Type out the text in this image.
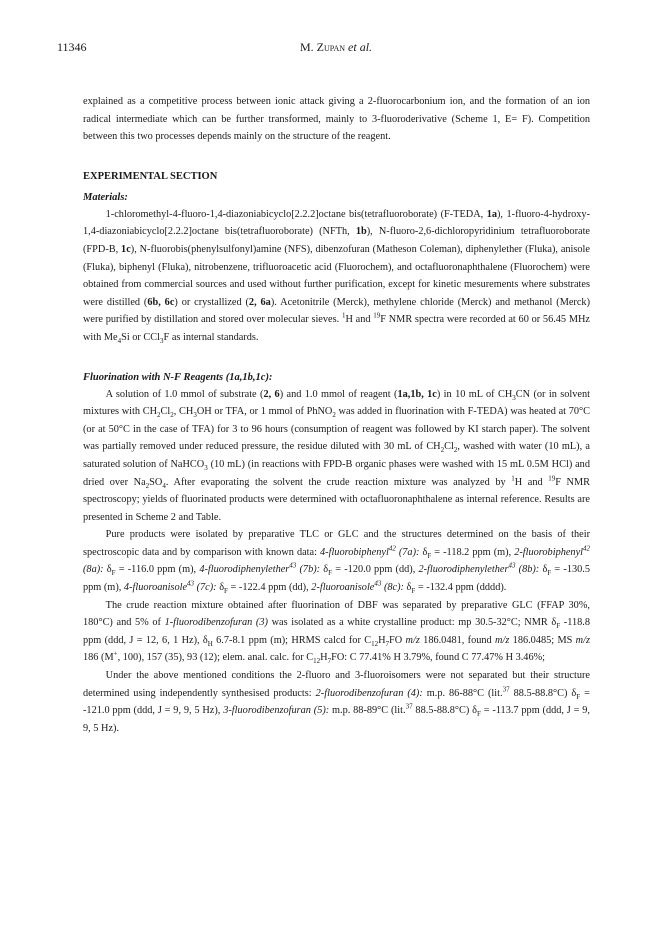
11346	M. Zupan et al.

explained as a competitive process between ionic attack giving a 2-fluorocarbonium ion, and the formation of an ion radical intermediate which can be further transformed, mainly to 3-fluoroderivative (Scheme 1, E= F). Competition between this two processes depends mainly on the structure of the reagent.

EXPERIMENTAL SECTION
Materials:

1-chloromethyl-4-fluoro-1,4-diazoniabicyclo[2.2.2]octane bis(tetrafluoroborate) (F-TEDA, 1a), 1-fluoro-4-hydroxy-1,4-diazoniabicyclo[2.2.2]octane bis(tetrafluoroborate) (NFTh, 1b), N-fluoro-2,6-dichloropyridinium tetrafluoroborate (FPD-B, 1c), N-fluorobis(phenylsulfonyl)amine (NFS), dibenzofuran (Matheson Coleman), diphenylether (Fluka), anisole (Fluka), biphenyl (Fluka), nitrobenzene, trifluoroacetic acid (Fluorochem), and octafluoronaphthalene (Fluorochem) were obtained from commercial sources and used without further purification, except for kinetic mesurements where substrates were distilled (6b, 6c) or crystallized (2, 6a). Acetonitrile (Merck), methylene chloride (Merck) and methanol (Merck) were purified by distillation and stored over molecular sieves. $^1$H and $^{19}$F NMR spectra were recorded at 60 or 56.45 MHz with $Me_4Si$ or CCl$_3$F as internal standards.

Fluorination with N-F Reagents (1a,1b,1c):

A solution of 1.0 mmol of substrate (2, 6) and 1.0 mmol of reagent (1a,1b, 1c) in 10 mL of $CH_3CN$ (or in solvent mixtures with $CH_2Cl_2$, $CH_3OH$ or TFA, or 1 mmol of PhNO$_2$ was added in fluorination with F-TEDA) was heated at 70°C (or at 50°C in the case of TFA) for 3 to 96 hours (consumption of reagent was followed by KI starch paper). The solvent was partially removed under reduced pressure, the residue diluted with 30 mL of $CH_2Cl_2$, washed with water (10 mL), a saturated solution of NaHCO$_3$ (10 mL) (in reactions with FPD-B organic phases were washed with 15 mL 0.5M HCl) and dried over $Na_2SO_4$. After evaporating the solvent the crude reaction mixture was analyzed by $^1$H and $^{19}$F NMR spectroscopy; yields of fluorinated products were determined with octafluoronaphthalene as internal reference. Results are presented in Scheme 2 and Table.

Pure products were isolated by preparative TLC or GLC and the structures determined on the basis of their spectroscopic data and by comparison with known data: 4-fluorobiphenyl$^{42}$ (7a): $\delta_F = -118.2$ ppm (m), 2-fluorobiphenyl$^{42}$ (8a): $\delta_F = -116.0$ ppm (m), 4-fluorodiphenylether$^{43}$ (7b): $\delta_F = -120.0$ ppm (dd), 2-fluorodiphenylether$^{43}$ (8b): $\delta_F = -130.5$ ppm (m), 4-fluoroanisole$^{43}$ (7c): $\delta_F = -122.4$ ppm (dd), 2-fluoroanisole$^{43}$ (8c): $\delta_F = -132.4$ ppm (dddd).

The crude reaction mixture obtained after fluorination of DBF was separated by preparative GLC (FFAP 30%, 180°C) and 5% of 1-fluorodibenzofuran (3) was isolated as a white crystalline product: mp 30.5-32°C; NMR $\delta_F$ -118.8 ppm (ddd, J = 12, 6, 1 Hz), $\delta_H$ 6.7-8.1 ppm (m); HRMS calcd for $C_{12}H_7FO$ m/z 186.0481, found m/z 186.0485; MS m/z 186 (M+, 100), 157 (35), 93 (12); elem. anal. calc. for $C_{12}H_7FO$: C 77.41% H 3.79%, found C 77.47% H 3.46%;

Under the above mentioned conditions the 2-fluoro and 3-fluoroisomers were not separated but their structure determined using independently synthesised products: 2-fluorodibenzofuran (4): m.p. 86-88°C (lit.$^{37}$ 88.5-88.8°C) $\delta_F = -121.0$ ppm (ddd, J = 9, 9, 5 Hz), 3-fluorodibenzofuran (5): m.p. 88-89°C (lit.$^{37}$ 88.5-88.8°C) $\delta_F = -113.7$ ppm (ddd, J = 9, 9, 5 Hz).
